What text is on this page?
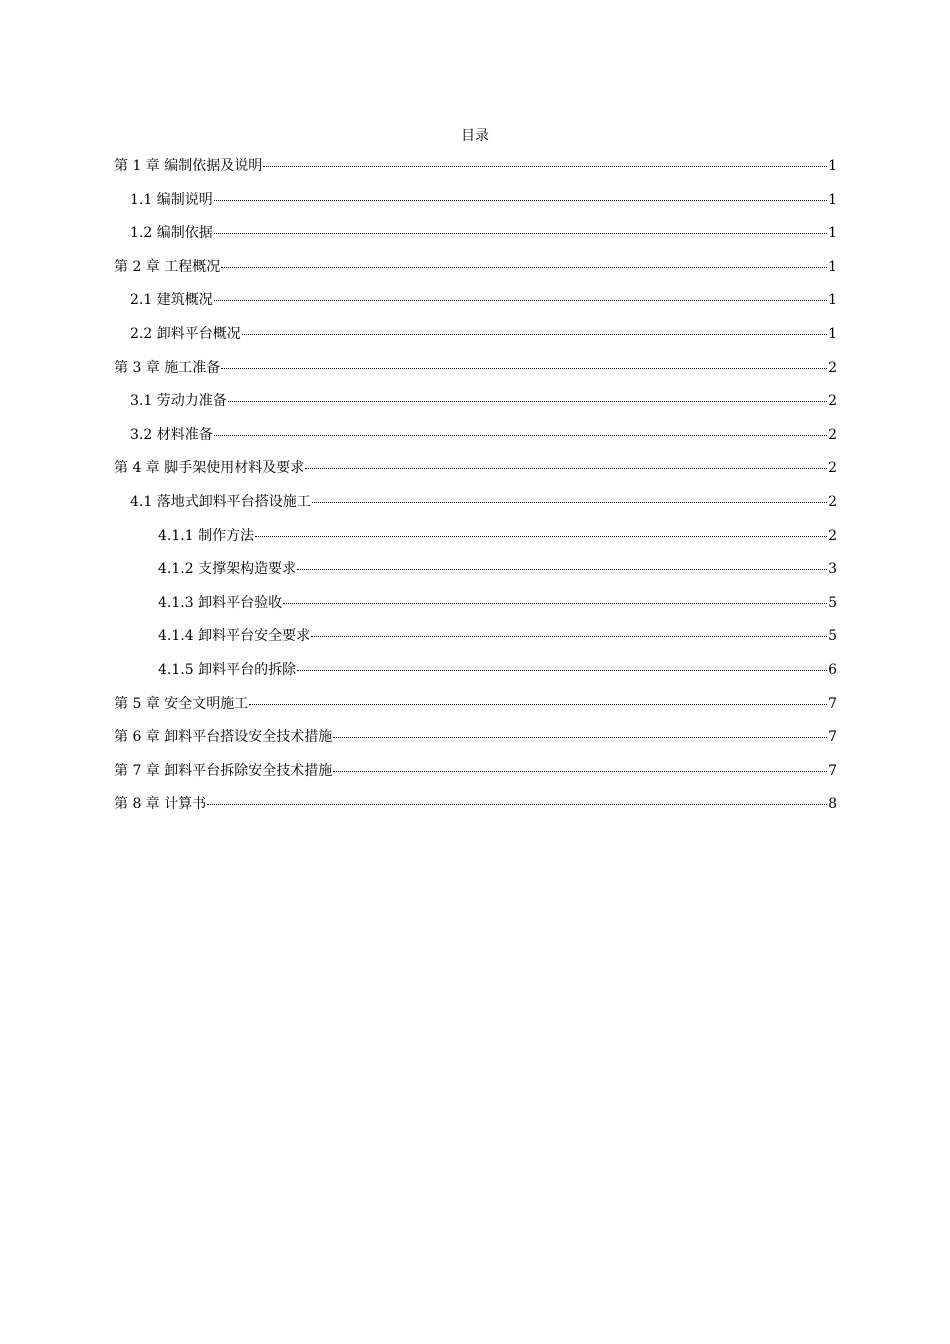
目录
第 1 章 编制依据及说明	1
1.1 编制说明	1
1.2 编制依据	1
第 2 章 工程概况	1
2.1 建筑概况	1
2.2 卸料平台概况	1
第 3 章 施工准备	2
3.1 劳动力准备	2
3.2 材料准备	2
第 4 章 脚手架使用材料及要求	2
4.1 落地式卸料平台搭设施工	2
4.1.1 制作方法	2
4.1.2 支撑架构造要求	3
4.1.3 卸料平台验收	5
4.1.4 卸料平台安全要求	5
4.1.5 卸料平台的拆除	6
第 5 章 安全文明施工	7
第 6 章 卸料平台搭设安全技术措施	7
第 7 章 卸料平台拆除安全技术措施	7
第 8 章 计算书	8
